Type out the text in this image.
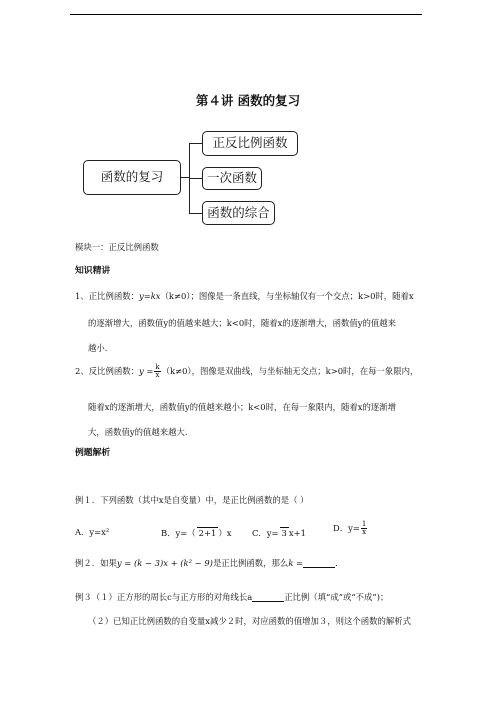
第４讲 函数的复习
函数的复习
正反比例函数
一次函数
函数的综合
模块一：正反比例函数
知识精讲
1、正比例函数：y=kx（k≠0）；图像是一条直线，与坐标轴仅有一个交点；k>0时，随着x
的逐渐增大，函数值y的值越来越大；k<0时，随着x的逐渐增大，函数值y的值越来
越小.
2、反比例函数：$y = \frac{k}{x} (k\ne 0)$，图像是双曲线，与坐标轴无交点；k>0时，在每一象限内，
随着x的逐渐增大，函数值y的值越来越小；k<0时，在每一象限内，随着x的逐渐增
大，函数值y的值越来越大.
例题解析
例１．下列函数（其中x是自变量）中，是正比例函数的是（ ）
A．y=x²	B．y=（ 2+1 ）x C．y= 3 x+1	D．$y= \frac{1}{x}$
例２．如果y = (k − 3)x + (k² − 9)是正比例函数，那么k =	.
例３（１）正方形的周长c与正方形的对角线长a	正比例（填“成”或“不成”)；
（２）已知正比例函数的自变量x减少２时，对应函数的值增加３，则这个函数的解析式
